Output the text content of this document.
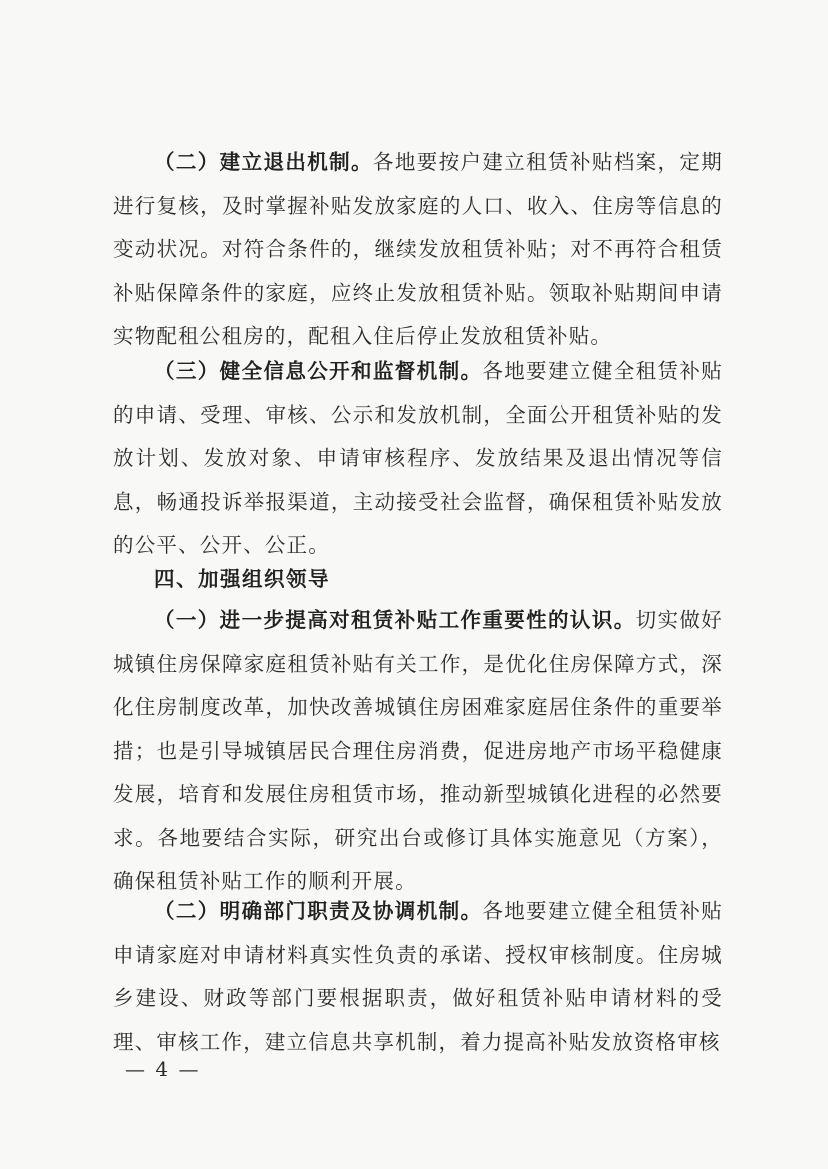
（二）建立退出机制。各地要按户建立租赁补贴档案，定期进行复核，及时掌握补贴发放家庭的人口、收入、住房等信息的变动状况。对符合条件的，继续发放租赁补贴；对不再符合租赁补贴保障条件的家庭，应终止发放租赁补贴。领取补贴期间申请实物配租公租房的，配租入住后停止发放租赁补贴。

（三）健全信息公开和监督机制。各地要建立健全租赁补贴的申请、受理、审核、公示和发放机制，全面公开租赁补贴的发放计划、发放对象、申请审核程序、发放结果及退出情况等信息，畅通投诉举报渠道，主动接受社会监督，确保租赁补贴发放的公平、公开、公正。

四、加强组织领导

（一）进一步提高对租赁补贴工作重要性的认识。切实做好城镇住房保障家庭租赁补贴有关工作，是优化住房保障方式，深化住房制度改革，加快改善城镇住房困难家庭居住条件的重要举措；也是引导城镇居民合理住房消费，促进房地产市场平稳健康发展，培育和发展住房租赁市场，推动新型城镇化进程的必然要求。各地要结合实际，研究出台或修订具体实施意见（方案），确保租赁补贴工作的顺利开展。

（二）明确部门职责及协调机制。各地要建立健全租赁补贴申请家庭对申请材料真实性负责的承诺、授权审核制度。住房城乡建设、财政等部门要根据职责，做好租赁补贴申请材料的受理、审核工作，建立信息共享机制，着力提高补贴发放资格审核

— 4 —
